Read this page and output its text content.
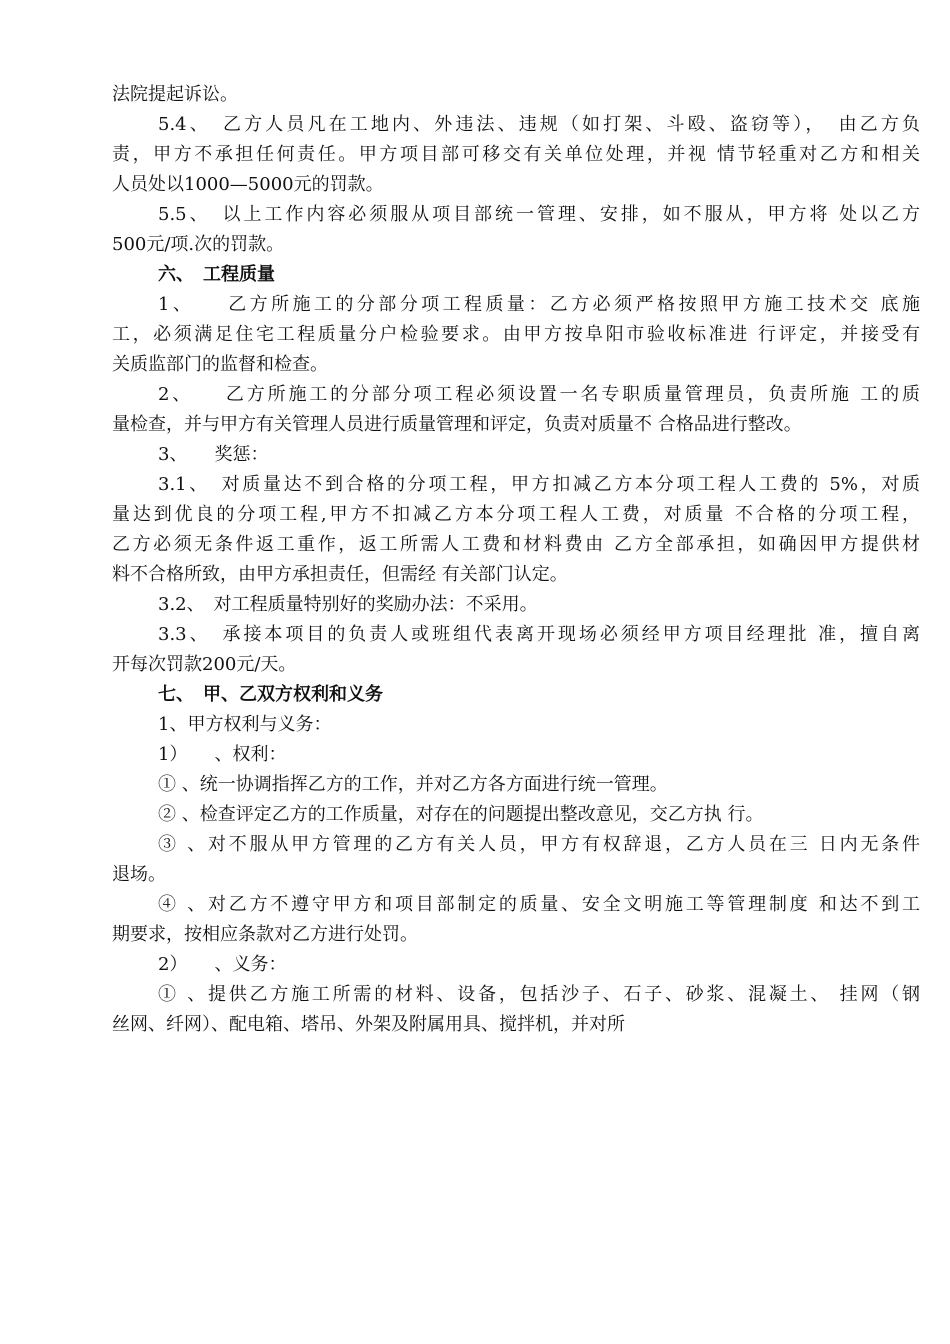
法院提起诉讼。
5.4、　乙方人员凡在工地内、外违法、违规（如打架、斗殴、盗窃等），　由乙方负
责，甲方不承担任何责任。甲方项目部可移交有关单位处理，并视 情节轻重对乙方和相关
人员处以1000—5000元的罚款。
5.5、　以上工作内容必须服从项目部统一管理、安排，如不服从，甲方将 处以乙方
500元/项.次的罚款。
六、　工程质量
1、　　乙方所施工的分部分项工程质量：乙方必须严格按照甲方施工技术交 底施
工，必须满足住宅工程质量分户检验要求。由甲方按阜阳市验收标准进 行评定，并接受有
关质监部门的监督和检查。
2、　　乙方所施工的分部分项工程必须设置一名专职质量管理员，负责所施 工的质
量检查，并与甲方有关管理人员进行质量管理和评定，负责对质量不 合格品进行整改。
3、　　奖惩：
3.1、　对质量达不到合格的分项工程，甲方扣减乙方本分项工程人工费的 5%，对质
量达到优良的分项工程,甲方不扣减乙方本分项工程人工费，对质量 不合格的分项工程，
乙方必须无条件返工重作，返工所需人工费和材料费由 乙方全部承担，如确因甲方提供材
料不合格所致，由甲方承担责任，但需经 有关部门认定。
3.2、　对工程质量特别好的奖励办法：不采用。
3.3、　承接本项目的负责人或班组代表离开现场必须经甲方项目经理批 准，擅自离
开每次罚款200元/天。
七、　甲、乙双方权利和义务
1、甲方权利与义务：
1）　　、权利：
① 、统一协调指挥乙方的工作，并对乙方各方面进行统一管理。
② 、检查评定乙方的工作质量，对存在的问题提出整改意见，交乙方执 行。
③ 、对不服从甲方管理的乙方有关人员，甲方有权辞退，乙方人员在三 日内无条件
退场。
④ 、对乙方不遵守甲方和项目部制定的质量、安全文明施工等管理制度 和达不到工
期要求，按相应条款对乙方进行处罚。
2）　　、义务：
① 、提供乙方施工所需的材料、设备，包括沙子、石子、砂浆、混凝土、 挂网（钢
丝网、纤网）、配电箱、塔吊、外架及附属用具、搅拌机，并对所
